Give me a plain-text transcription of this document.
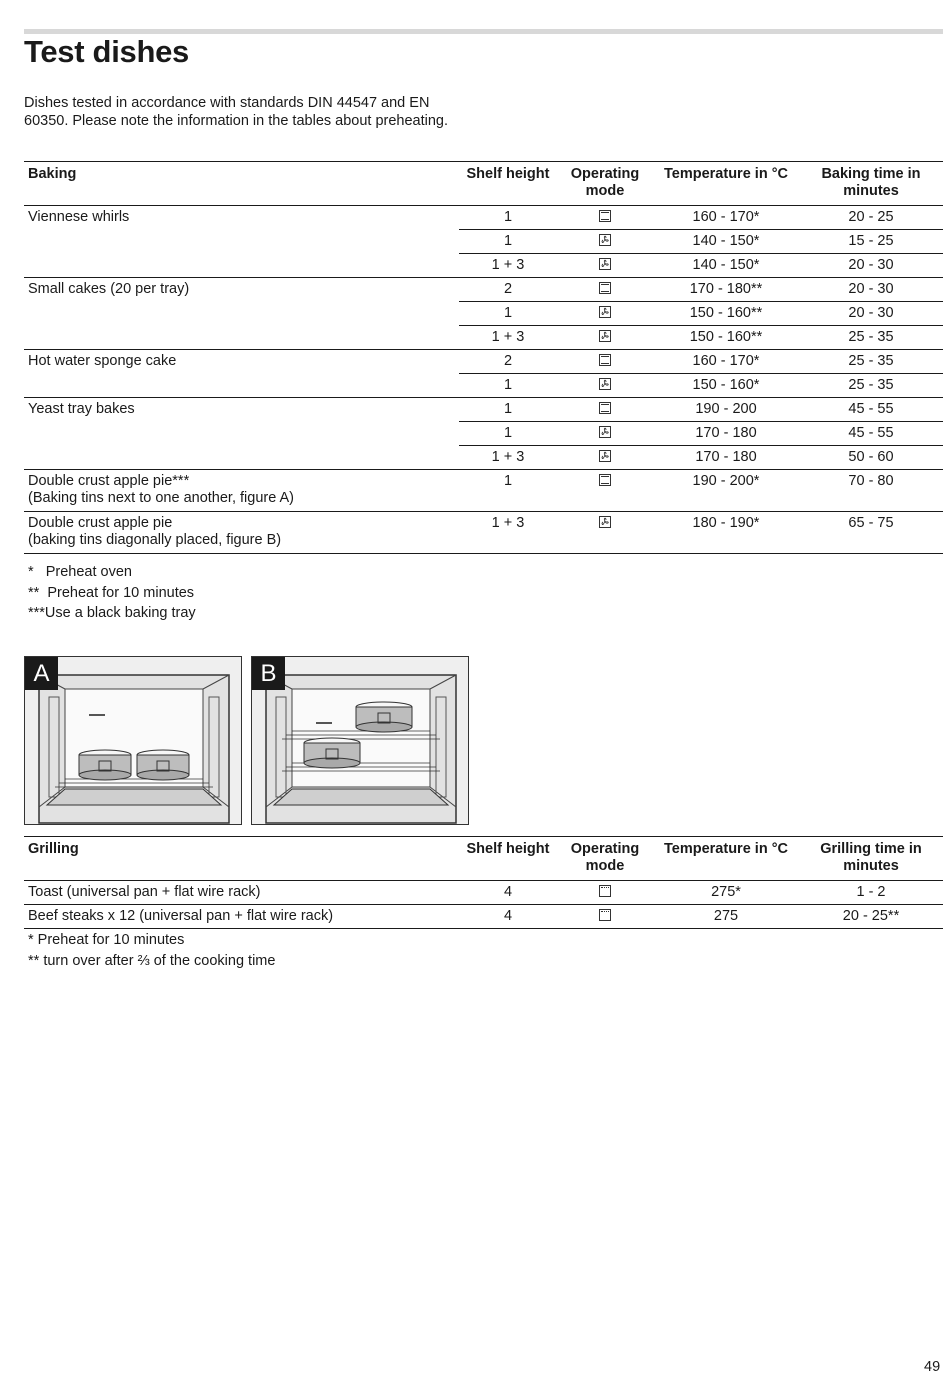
Test dishes

Dishes tested in accordance with standards DIN 44547 and EN 60350. Please note the information in the tables about preheating.

Baking	Shelf height	Operating mode	Temperature in °C	Baking time in minutes

Viennese whirls	1		160 - 170*	20 - 25
	1		140 - 150*	15 - 25
	1 + 3		140 - 150*	20 - 30

Small cakes (20 per tray)	2		170 - 180**	20 - 30
	1		150 - 160**	20 - 30
	1 + 3		150 - 160**	25 - 35

Hot water sponge cake	2		160 - 170*	25 - 35
	1		150 - 160*	25 - 35

Yeast tray bakes	1		190 - 200	45 - 55
	1		170 - 180	45 - 55
	1 + 3		170 - 180	50 - 60

Double crust apple pie***
(Baking tins next to one another, figure A)	1		190 - 200*	70 - 80

Double crust apple pie
(baking tins diagonally placed, figure B)	1 + 3		180 - 190*	65 - 75
*   Preheat oven
**  Preheat for 10 minutes
***Use a black baking tray
A	B
Grilling	Shelf height	Operating mode	Temperature in °C	Grilling time in minutes
Toast (universal pan + flat wire rack)	4		275*	1 - 2
Beef steaks x 12 (universal pan + flat wire rack)	4		275	20 - 25**
* Preheat for 10 minutes
** turn over after ⅔ of the cooking time
49
